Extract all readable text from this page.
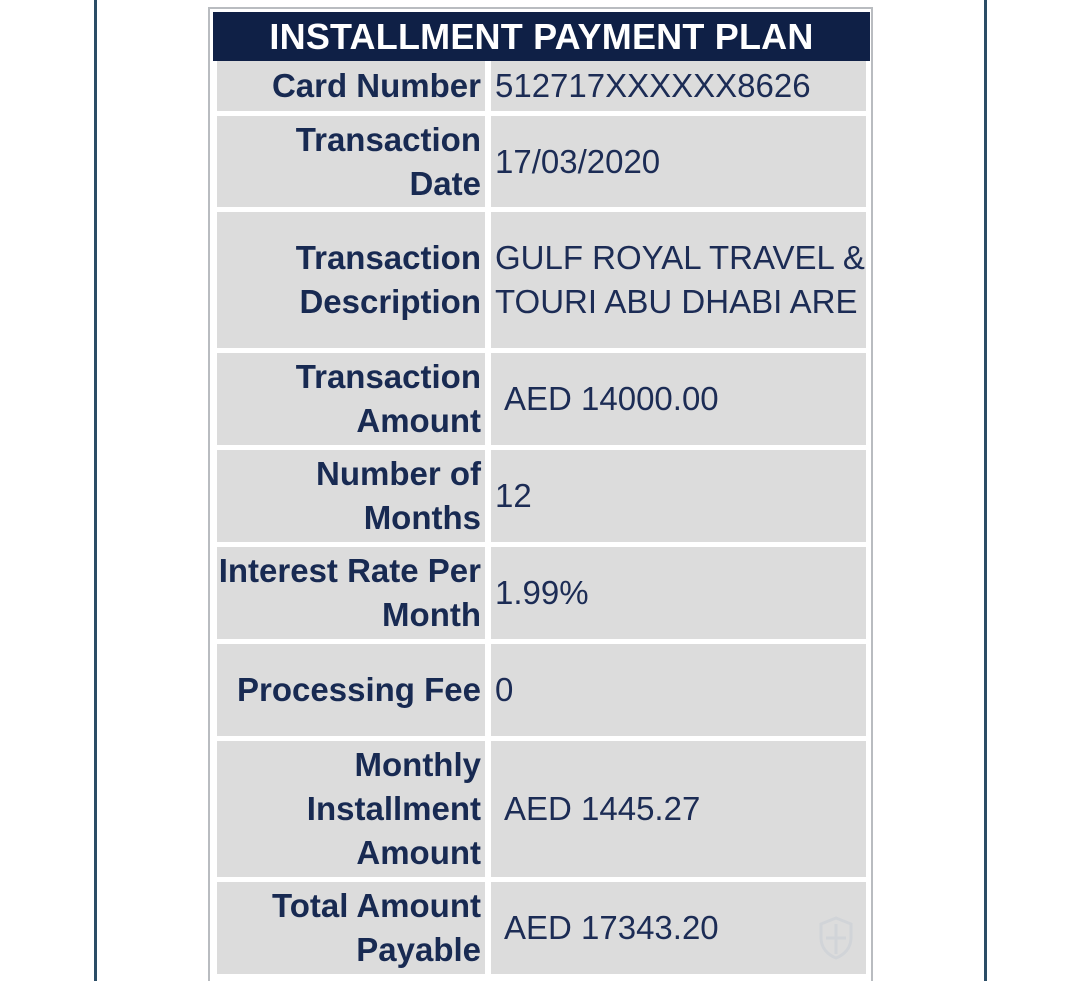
INSTALLMENT PAYMENT PLAN
Card Number 512717XXXXXX8626
Transaction Date
17/03/2020
Transaction Description
GULF ROYAL TRAVEL & TOURI ABU DHABI ARE
Transaction Amount
AED 14000.00
Number of Months
12
Interest Rate Per Month
1.99%
Processing Fee 0
Monthly Installment Amount
AED 1445.27
Total Amount Payable
AED 17343.20
